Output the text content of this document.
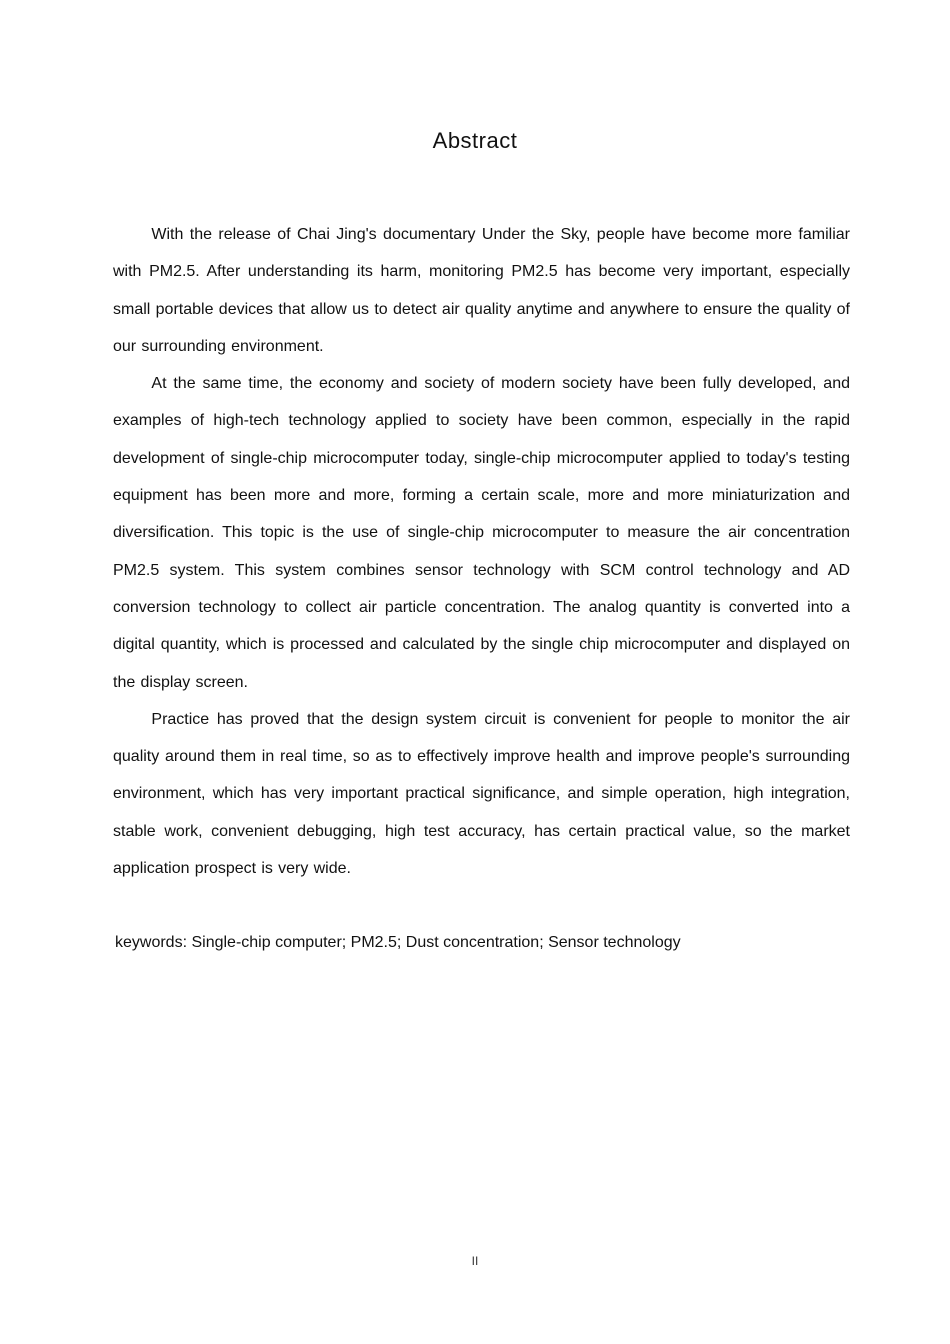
Abstract

With the release of Chai Jing's documentary Under the Sky, people have become more familiar with PM2.5. After understanding its harm, monitoring PM2.5 has become very important, especially small portable devices that allow us to detect air quality anytime and anywhere to ensure the quality of our surrounding environment.

At the same time, the economy and society of modern society have been fully developed, and examples of high-tech technology applied to society have been common, especially in the rapid development of single-chip microcomputer today, single-chip microcomputer applied to today's testing equipment has been more and more, forming a certain scale, more and more miniaturization and diversification. This topic is the use of single-chip microcomputer to measure the air concentration PM2.5 system. This system combines sensor technology with SCM control technology and AD conversion technology to collect air particle concentration. The analog quantity is converted into a digital quantity, which is processed and calculated by the single chip microcomputer and displayed on the display screen.

Practice has proved that the design system circuit is convenient for people to monitor the air quality around them in real time, so as to effectively improve health and improve people's surrounding environment, which has very important practical significance, and simple operation, high integration, stable work, convenient debugging, high test accuracy, has certain practical value, so the market application prospect is very wide.

keywords: Single-chip computer; PM2.5; Dust concentration; Sensor technology
II
